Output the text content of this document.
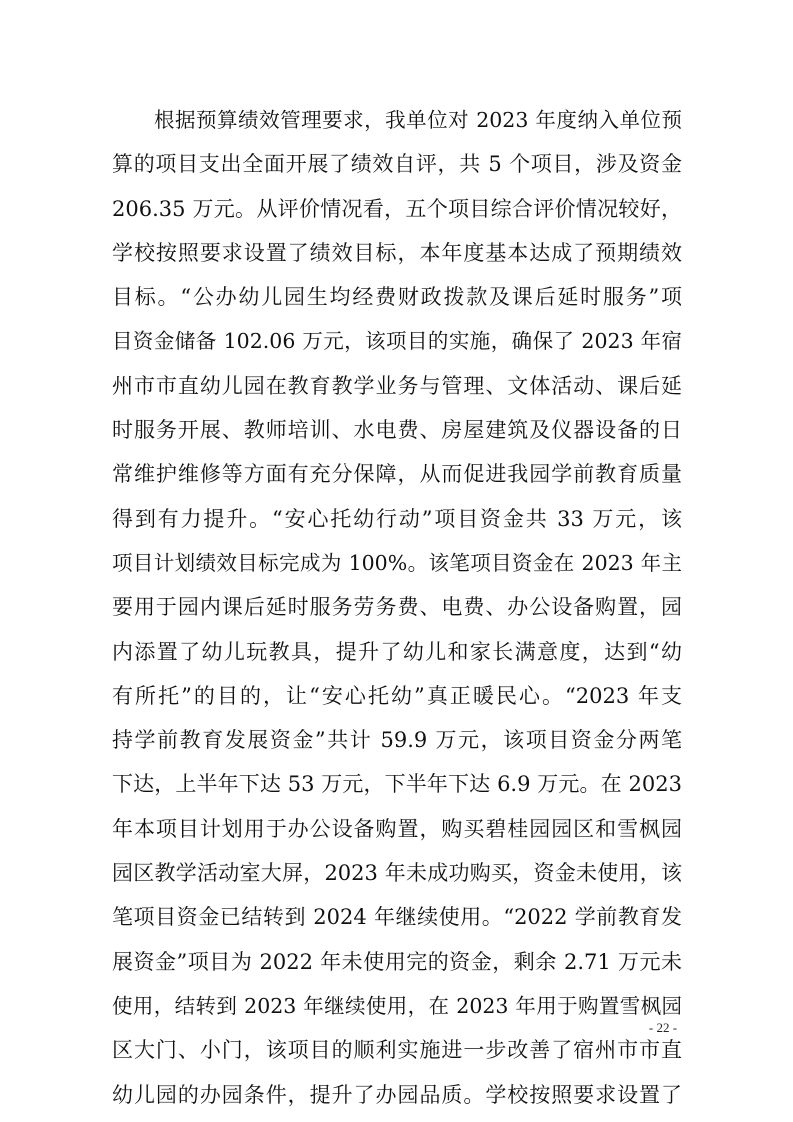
根据预算绩效管理要求，我单位对 2023 年度纳入单位预
算的项目支出全面开展了绩效自评，共 5 个项目，涉及资金
206.35 万元。从评价情况看，五个项目综合评价情况较好，
学校按照要求设置了绩效目标，本年度基本达成了预期绩效
目标。“公办幼儿园生均经费财政拨款及课后延时服务”项
目资金储备 102.06 万元，该项目的实施，确保了 2023 年宿
州市市直幼儿园在教育教学业务与管理、文体活动、课后延
时服务开展、教师培训、水电费、房屋建筑及仪器设备的日
常维护维修等方面有充分保障，从而促进我园学前教育质量
得到有力提升。“安心托幼行动”项目资金共 33 万元，该
项目计划绩效目标完成为 100%。该笔项目资金在 2023 年主
要用于园内课后延时服务劳务费、电费、办公设备购置，园
内添置了幼儿玩教具，提升了幼儿和家长满意度，达到“幼
有所托”的目的，让“安心托幼”真正暖民心。“2023 年支
持学前教育发展资金”共计 59.9 万元，该项目资金分两笔
下达，上半年下达 53 万元，下半年下达 6.9 万元。在 2023
年本项目计划用于办公设备购置，购买碧桂园园区和雪枫园
园区教学活动室大屏，2023 年未成功购买，资金未使用，该
笔项目资金已结转到 2024 年继续使用。“2022 学前教育发
展资金”项目为 2022 年未使用完的资金，剩余 2.71 万元未
使用，结转到 2023 年继续使用，在 2023 年用于购置雪枫园
区大门、小门，该项目的顺利实施进一步改善了宿州市市直
幼儿园的办园条件，提升了办园品质。学校按照要求设置了
- 22 -
